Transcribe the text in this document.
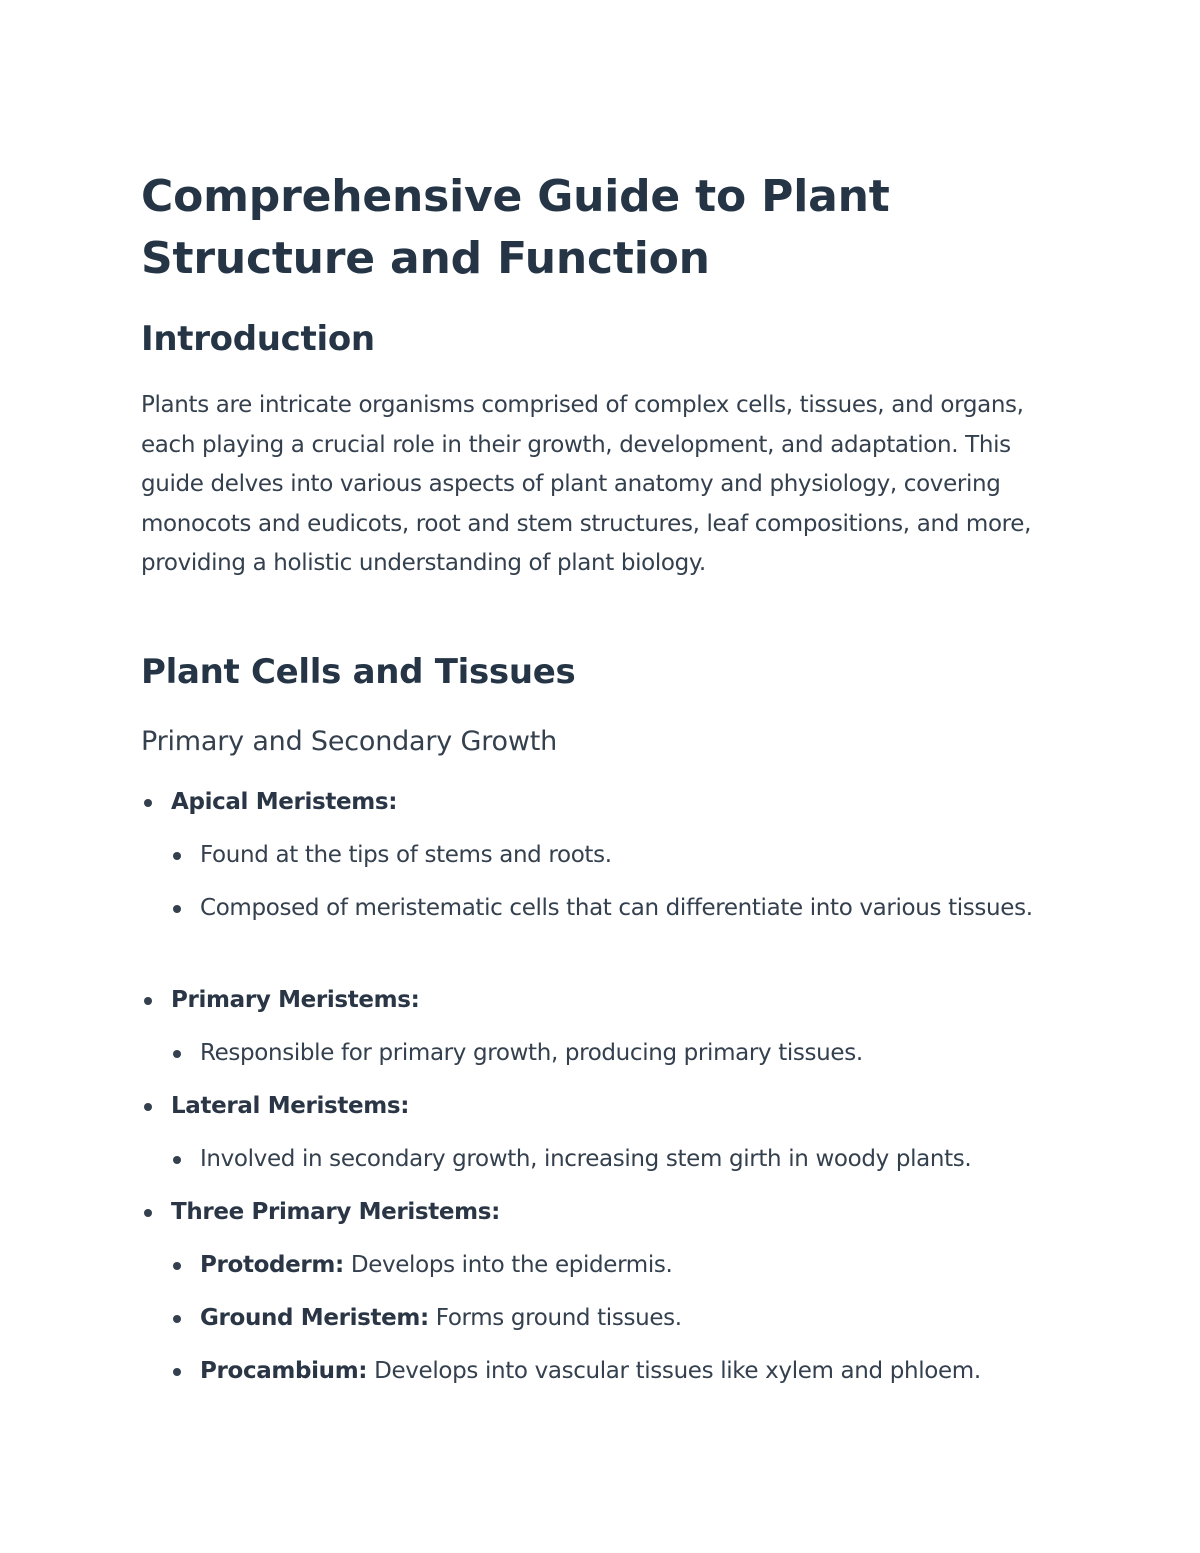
Comprehensive Guide to Plant Structure and Function
Introduction

Plants are intricate organisms comprised of complex cells, tissues, and organs, each playing a crucial role in their growth, development, and adaptation. This guide delves into various aspects of plant anatomy and physiology, covering monocots and eudicots, root and stem structures, leaf compositions, and more, providing a holistic understanding of plant biology.

Plant Cells and Tissues
Primary and Secondary Growth

Apical Meristems:

Found at the tips of stems and roots.

Composed of meristematic cells that can differentiate into various tissues.

Primary Meristems:

Responsible for primary growth, producing primary tissues.

Lateral Meristems:

Involved in secondary growth, increasing stem girth in woody plants.

Three Primary Meristems:

Protoderm: Develops into the epidermis.

Ground Meristem: Forms ground tissues.

Procambium: Develops into vascular tissues like xylem and phloem.
